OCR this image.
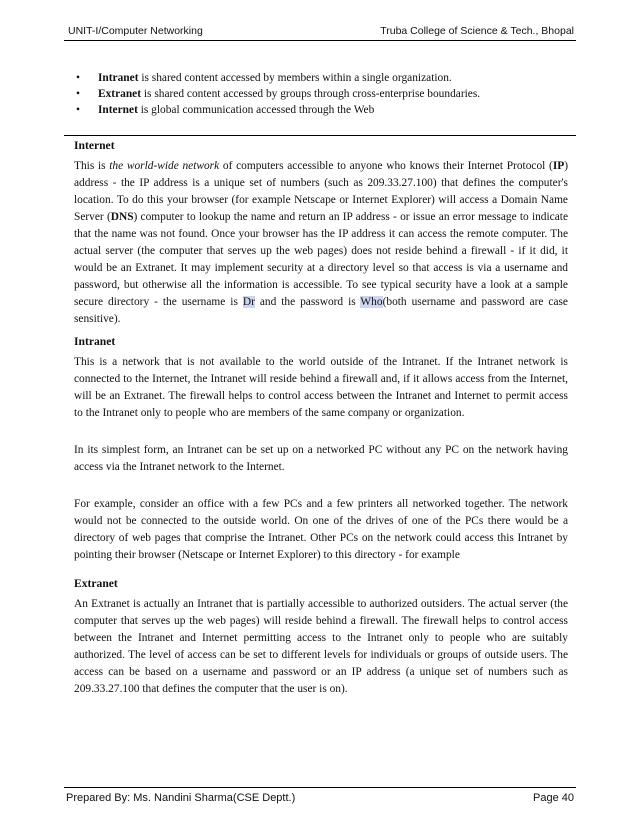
UNIT-I/Computer Networking	Truba College of Science & Tech., Bhopal
• Intranet is shared content accessed by members within a single organization.
• Extranet is shared content accessed by groups through cross-enterprise boundaries.
• Internet is global communication accessed through the Web
Internet

This is the world-wide network of computers accessible to anyone who knows their Internet Protocol (IP) address - the IP address is a unique set of numbers (such as 209.33.27.100) that defines the computer's location. To do this your browser (for example Netscape or Internet Explorer) will access a Domain Name Server (DNS) computer to lookup the name and return an IP address - or issue an error message to indicate that the name was not found. Once your browser has the IP address it can access the remote computer. The actual server (the computer that serves up the web pages) does not reside behind a firewall - if it did, it would be an Extranet. It may implement security at a directory level so that access is via a username and password, but otherwise all the information is accessible. To see typical security have a look at a sample secure directory - the username is Dr and the password is Who(both username and password are case sensitive).

Intranet

This is a network that is not available to the world outside of the Intranet. If the Intranet network is connected to the Internet, the Intranet will reside behind a firewall and, if it allows access from the Internet, will be an Extranet. The firewall helps to control access between the Intranet and Internet to permit access to the Intranet only to people who are members of the same company or organization.

In its simplest form, an Intranet can be set up on a networked PC without any PC on the network having access via the Intranet network to the Internet.

For example, consider an office with a few PCs and a few printers all networked together. The network would not be connected to the outside world. On one of the drives of one of the PCs there would be a directory of web pages that comprise the Intranet. Other PCs on the network could access this Intranet by pointing their browser (Netscape or Internet Explorer) to this directory - for example

Extranet

An Extranet is actually an Intranet that is partially accessible to authorized outsiders. The actual server (the computer that serves up the web pages) will reside behind a firewall. The firewall helps to control access between the Intranet and Internet permitting access to the Intranet only to people who are suitably authorized. The level of access can be set to different levels for individuals or groups of outside users. The access can be based on a username and password or an IP address (a unique set of numbers such as 209.33.27.100 that defines the computer that the user is on).

Prepared By: Ms. Nandini Sharma(CSE Deptt.)	Page 40
